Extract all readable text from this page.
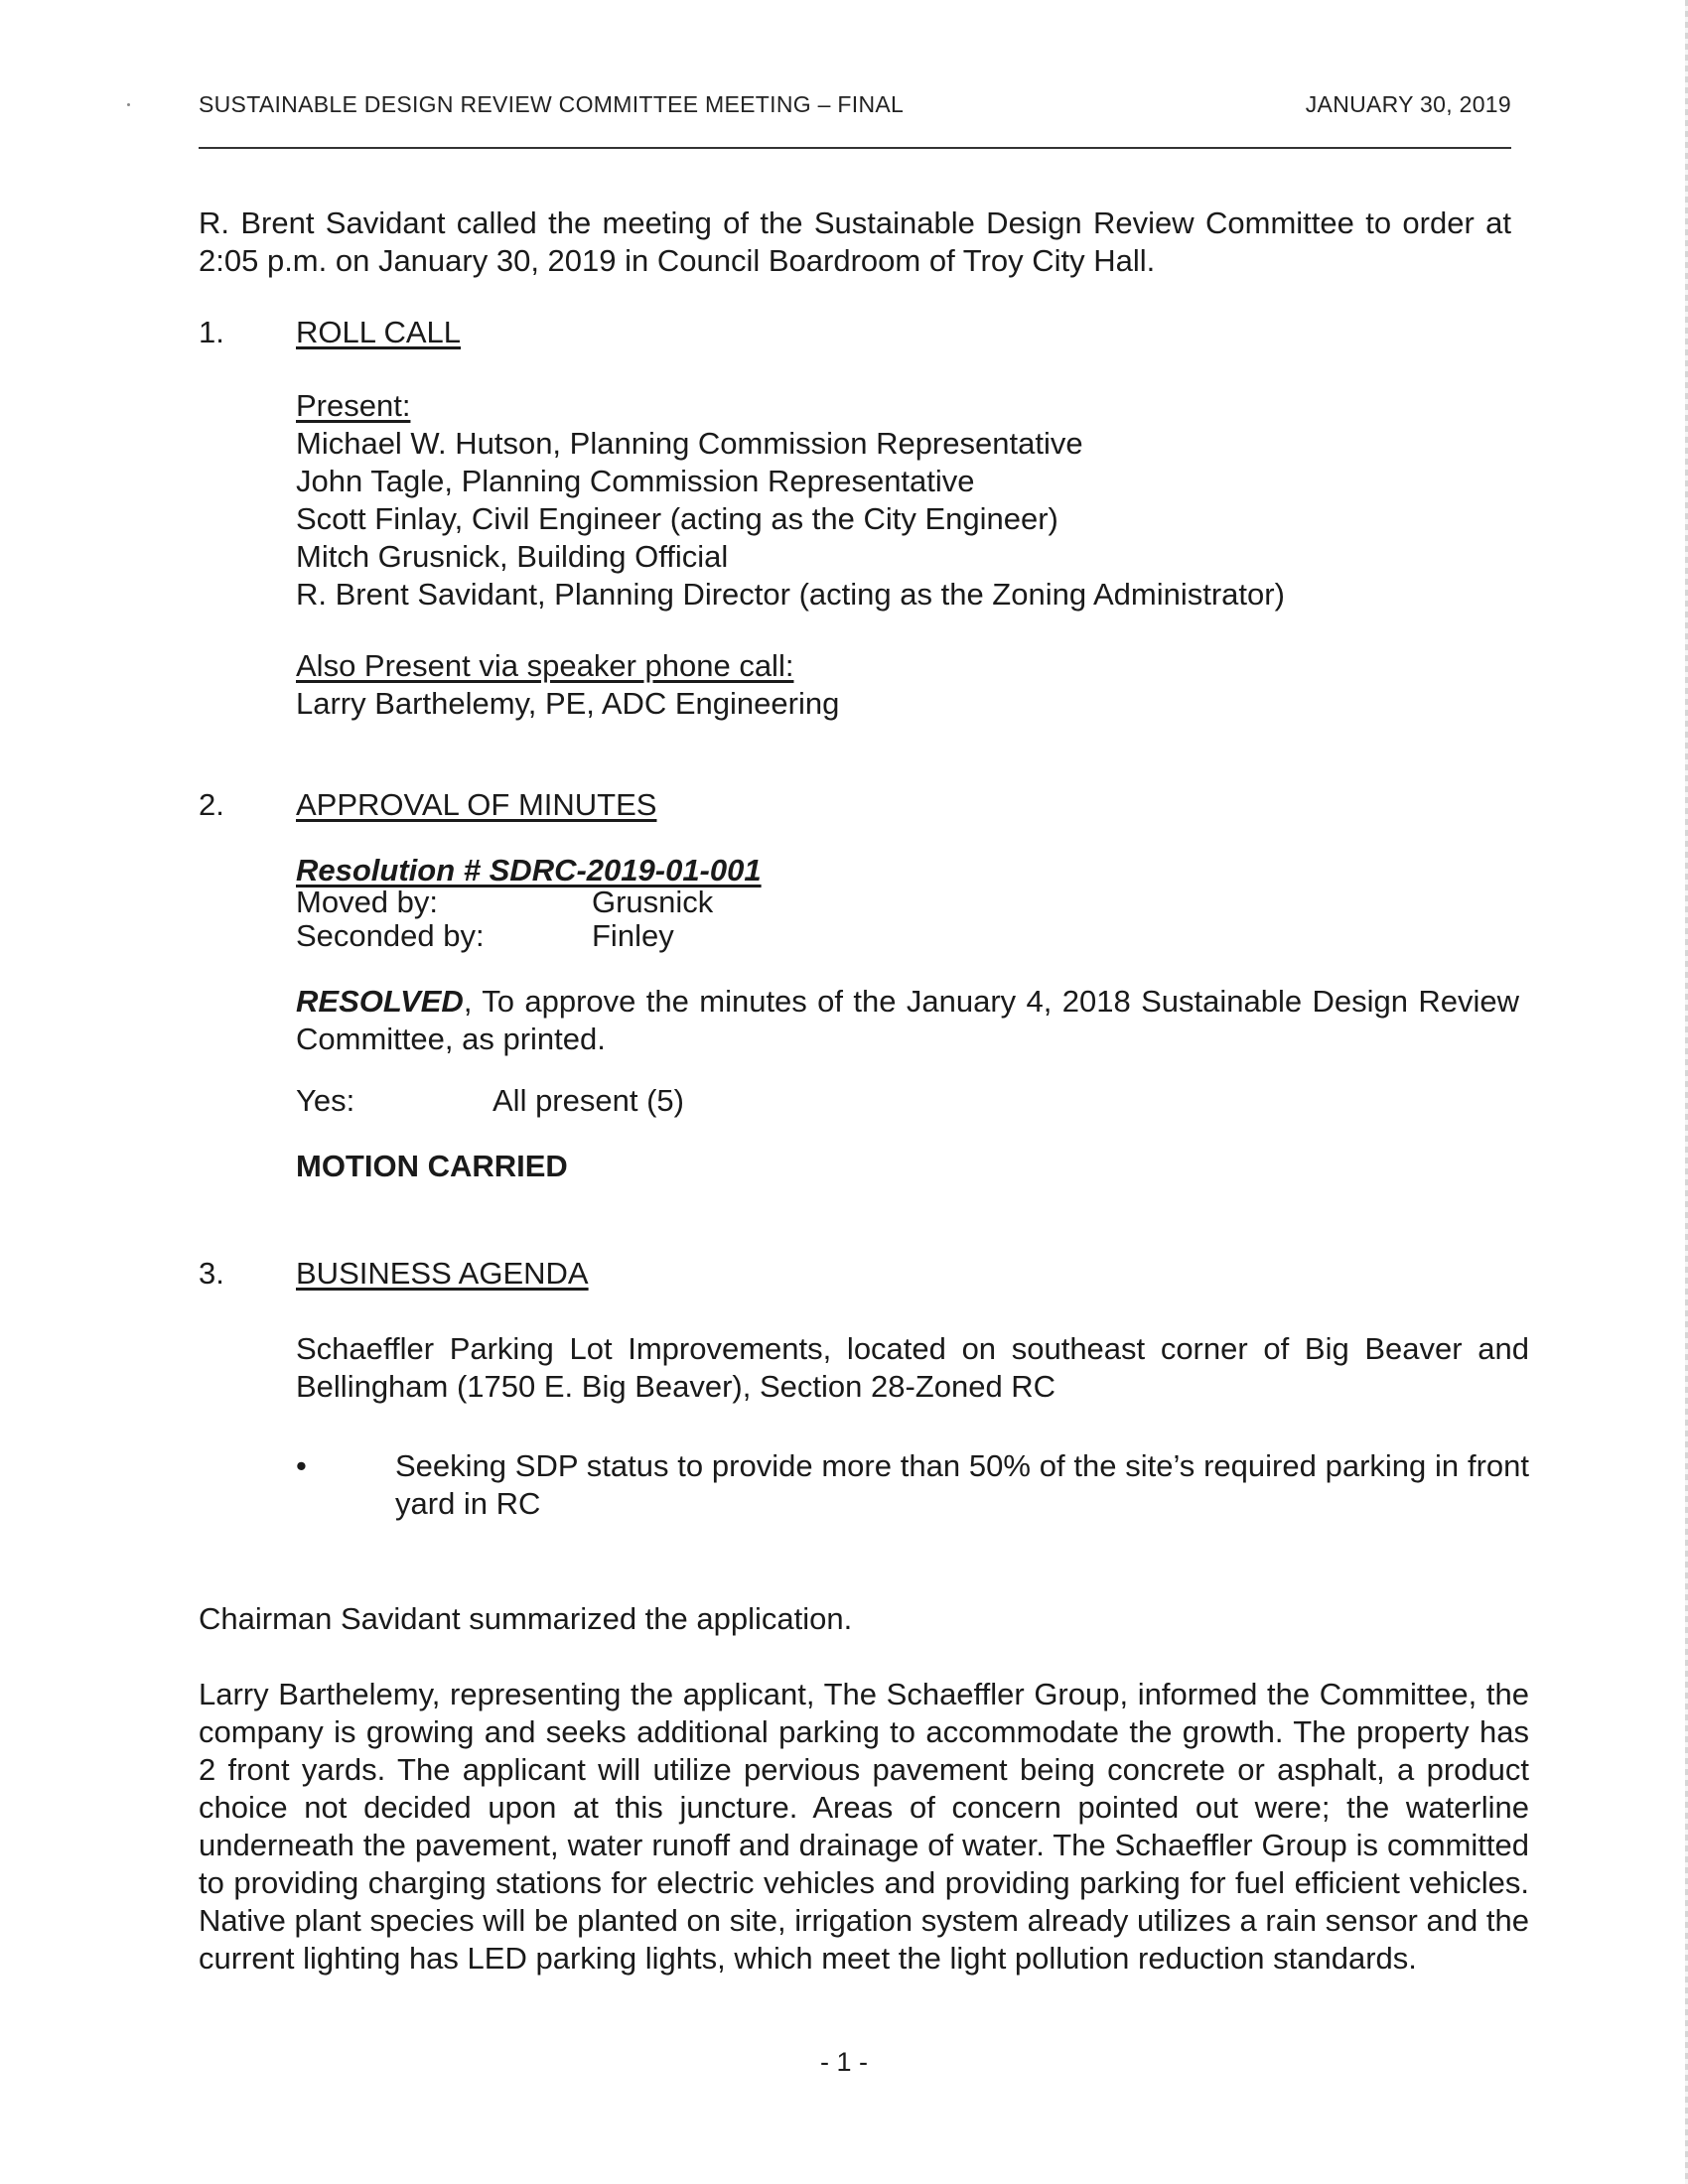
SUSTAINABLE DESIGN REVIEW COMMITTEE MEETING – FINAL	JANUARY 30, 2019
R. Brent Savidant called the meeting of the Sustainable Design Review Committee to order at 2:05 p.m. on January 30, 2019 in Council Boardroom of Troy City Hall.
1. ROLL CALL
Present:
Michael W. Hutson, Planning Commission Representative
John Tagle, Planning Commission Representative
Scott Finlay, Civil Engineer (acting as the City Engineer)
Mitch Grusnick, Building Official
R. Brent Savidant, Planning Director (acting as the Zoning Administrator)
Also Present via speaker phone call:
Larry Barthelemy, PE, ADC Engineering
2. APPROVAL OF MINUTES
Resolution # SDRC-2019-01-001
Moved by:	Grusnick
Seconded by:	Finley
RESOLVED, To approve the minutes of the January 4, 2018 Sustainable Design Review Committee, as printed.
Yes:	All present (5)
MOTION CARRIED
3. BUSINESS AGENDA
Schaeffler Parking Lot Improvements, located on southeast corner of Big Beaver and Bellingham (1750 E. Big Beaver), Section 28-Zoned RC
•	Seeking SDP status to provide more than 50% of the site’s required parking in front yard in RC
Chairman Savidant summarized the application.
Larry Barthelemy, representing the applicant, The Schaeffler Group, informed the Committee, the company is growing and seeks additional parking to accommodate the growth. The property has 2 front yards. The applicant will utilize pervious pavement being concrete or asphalt, a product choice not decided upon at this juncture. Areas of concern pointed out were; the waterline underneath the pavement, water runoff and drainage of water. The Schaeffler Group is committed to providing charging stations for electric vehicles and providing parking for fuel efficient vehicles. Native plant species will be planted on site, irrigation system already utilizes a rain sensor and the current lighting has LED parking lights, which meet the light pollution reduction standards.
- 1 -
